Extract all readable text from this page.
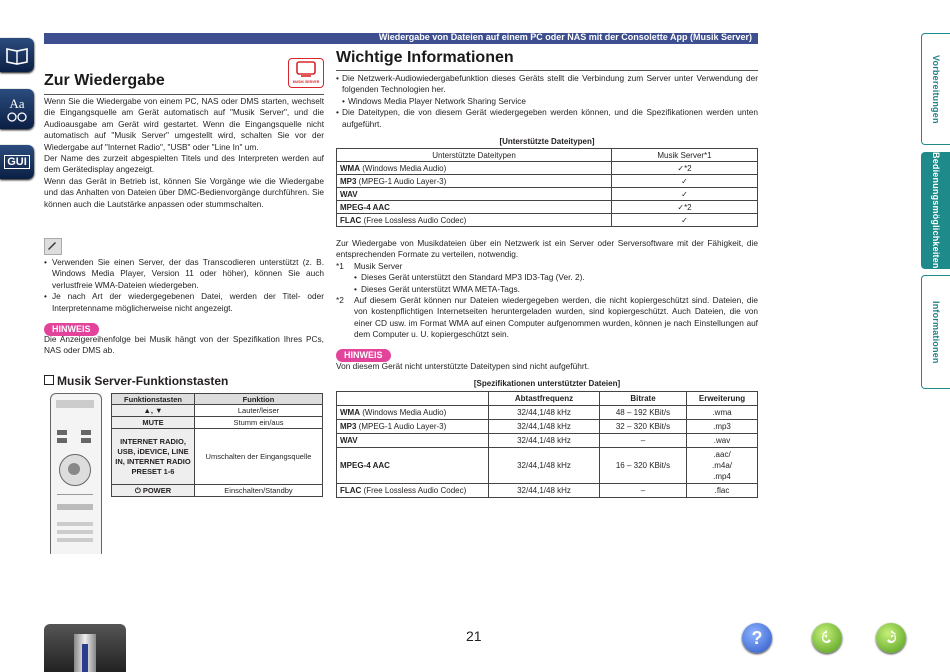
Aa
GUI
Vorbereitungen
Bedienungsmöglichkeiten
Informationen
Wiedergabe von Dateien auf einem PC oder NAS mit der Consolette App (Musik Server)
Zur Wiedergabe	MUSIK SERVER

Wenn Sie die Wiedergabe von einem PC, NAS oder DMS starten, wechselt die Eingangsquelle am Gerät automatisch auf "Musik Server", und die Audioausgabe am Gerät wird gestartet. Wenn die Eingangsquelle nicht automatisch auf "Musik Server" umgestellt wird, schalten Sie vor der Wiedergabe auf "Internet Radio", "USB" oder "Line In" um.

Der Name des zurzeit abgespielten Titels und des Interpreten werden auf dem Gerätedisplay angezeigt.

Wenn das Gerät in Betrieb ist, können Sie Vorgänge wie die Wiedergabe und das Anhalten von Dateien über DMC-Bedienvorgänge durchführen. Sie können auch die Lautstärke anpassen oder stummschalten.

• Verwenden Sie einen Server, der das Transcodieren unterstützt (z. B. Windows Media Player, Version 11 oder höher), können Sie auch verlustfreie WMA-Dateien wiedergeben.

• Je nach Art der wiedergegebenen Datei, werden der Titel- oder Interpretenname möglicherweise nicht angezeigt.

HINWEIS

Die Anzeigereihenfolge bei Musik hängt von der Spezifikation Ihres PCs, NAS oder DMS ab.

Musik Server-Funktionstasten
Funktionstasten	Funktion
▲, ▼	Lauter/leiser
MUTE	Stumm ein/aus
INTERNET RADIO, USB, iDEVICE, LINE IN, INTERNET RADIO PRESET 1-6	Umschalten der Eingangsquelle
⏻ POWER	Einschalten/Standby
Wichtige Informationen
• Die Netzwerk-Audiowiedergabefunktion dieses Geräts stellt die Verbindung zum Server unter Verwendung der folgenden Technologien her.

• Windows Media Player Network Sharing Service

• Die Dateitypen, die von diesem Gerät wiedergegeben werden können, und die Spezifikationen werden unten aufgeführt.

[Unterstützte Dateitypen]
Unterstützte Dateitypen	Musik Server*1
WMA (Windows Media Audio)	✓*2
MP3 (MPEG-1 Audio Layer-3)	✓
WAV	✓
MPEG-4 AAC	✓*2
FLAC (Free Lossless Audio Codec)	✓

Zur Wiedergabe von Musikdateien über ein Netzwerk ist ein Server oder Serversoftware mit der Fähigkeit, die entsprechenden Formate zu verteilen, notwendig.

*1	Musik Server

• Dieses Gerät unterstützt den Standard MP3 ID3-Tag (Ver. 2).

• Dieses Gerät unterstützt WMA META-Tags.

*2	Auf diesem Gerät können nur Dateien wiedergegeben werden, die nicht kopiergeschützt sind. Dateien, die von kostenpflichtigen Internetseiten heruntergeladen wurden, sind kopiergeschützt. Auch Dateien, die von einer CD usw. im Format WMA auf einen Computer aufgenommen wurden, können je nach Einstellungen auf dem Computer u. U. kopiergeschützt sein.

HINWEIS

Von diesem Gerät nicht unterstützte Dateitypen sind nicht aufgeführt.

[Spezifikationen unterstützter Dateien]
	Abtastfrequenz	Bitrate	Erweiterung
WMA (Windows Media Audio)	32/44,1/48 kHz	48 – 192 KBit/s	.wma
MP3 (MPEG-1 Audio Layer-3)	32/44,1/48 kHz	32 – 320 KBit/s	.mp3
WAV	32/44,1/48 kHz	–	.wav
MPEG-4 AAC	32/44,1/48 kHz	16 – 320 KBit/s	.aac/
.m4a/
.mp4
FLAC (Free Lossless Audio Codec)	32/44,1/48 kHz	–	.flac
21	?
